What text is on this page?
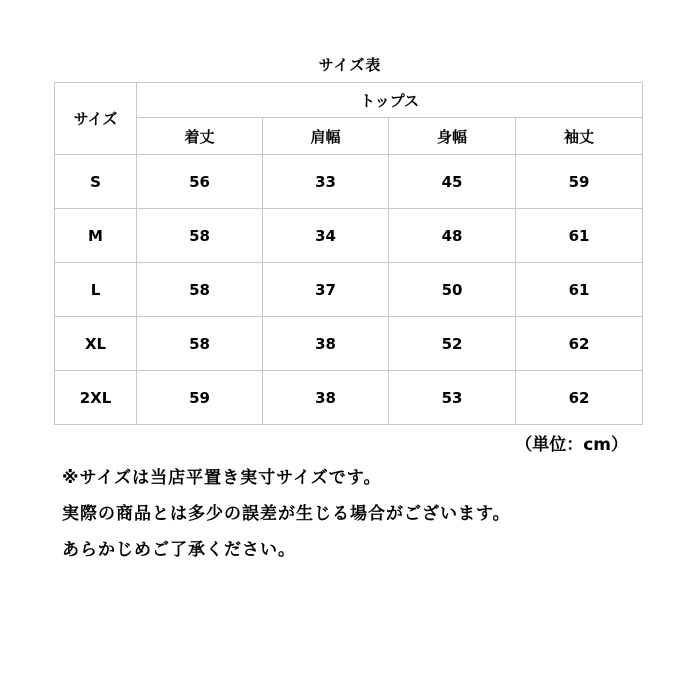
サイズ表
サイズ	トップス			
	着丈	肩幅	身幅	袖丈
S	56	33	45	59
M	58	34	48	61
L	58	37	50	61
XL	58	38	52	62
2XL	59	38	53	62
（単位：cm）
※サイズは当店平置き実寸サイズです。
実際の商品とは多少の誤差が生じる場合がございます。
あらかじめご了承ください。
